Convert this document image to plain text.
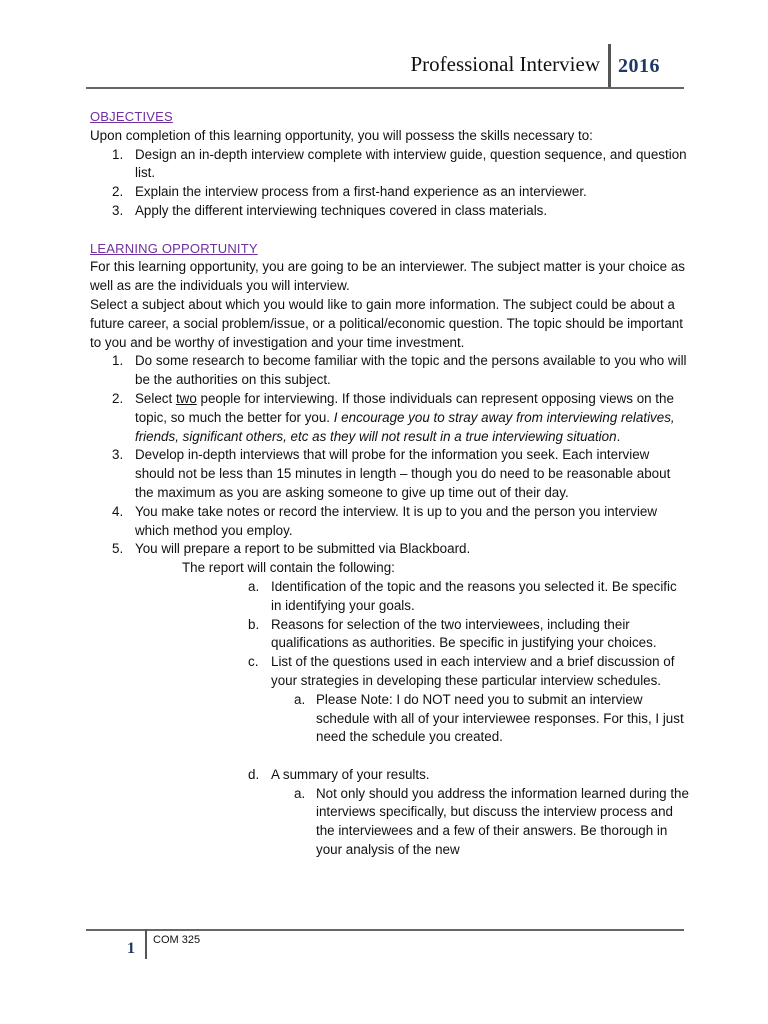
Professional Interview 2016
OBJECTIVES
Upon completion of this learning opportunity, you will possess the skills necessary to:
1. Design an in-depth interview complete with interview guide, question sequence, and question list.
2. Explain the interview process from a first-hand experience as an interviewer.
3. Apply the different interviewing techniques covered in class materials.
LEARNING OPPORTUNITY
For this learning opportunity, you are going to be an interviewer. The subject matter is your choice as well as are the individuals you will interview.
Select a subject about which you would like to gain more information. The subject could be about a future career, a social problem/issue, or a political/economic question. The topic should be important to you and be worthy of investigation and your time investment.
1. Do some research to become familiar with the topic and the persons available to you who will be the authorities on this subject.
2. Select two people for interviewing. If those individuals can represent opposing views on the topic, so much the better for you. I encourage you to stray away from interviewing relatives, friends, significant others, etc as they will not result in a true interviewing situation.
3. Develop in-depth interviews that will probe for the information you seek. Each interview should not be less than 15 minutes in length – though you do need to be reasonable about the maximum as you are asking someone to give up time out of their day.
4. You make take notes or record the interview. It is up to you and the person you interview which method you employ.
5. You will prepare a report to be submitted via Blackboard.
The report will contain the following:
a. Identification of the topic and the reasons you selected it. Be specific in identifying your goals.
b. Reasons for selection of the two interviewees, including their qualifications as authorities. Be specific in justifying your choices.
c. List of the questions used in each interview and a brief discussion of your strategies in developing these particular interview schedules.
a. Please Note: I do NOT need you to submit an interview schedule with all of your interviewee responses. For this, I just need the schedule you created.
d. A summary of your results.
a. Not only should you address the information learned during the interviews specifically, but discuss the interview process and the interviewees and a few of their answers. Be thorough in your analysis of the new
1 COM 325
